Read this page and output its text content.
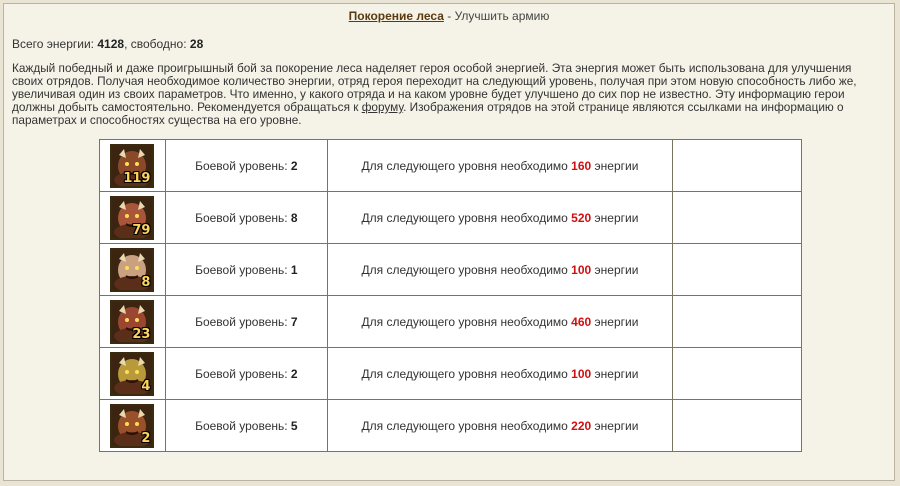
Покорение леса - Улучшить армию
Всего энергии: 4128, свободно: 28
Каждый победный и даже проигрышный бой за покорение леса наделяет героя особой энергией. Эта энергия может быть использована для улучшения своих отрядов. Получая необходимое количество энергии, отряд героя переходит на следующий уровень, получая при этом новую способность либо же, увеличивая один из своих параметров. Что именно, у какого отряда и на каком уровне будет улучшено до сих пор не известно. Эту информацию герои должны добыть самостоятельно. Рекомендуется обращаться к форуму. Изображения отрядов на этой странице являются ссылками на информацию о параметрах и способностях существа на его уровне.
119	Боевой уровень: 2	Для следующего уровня необходимо 160 энергии	

79	Боевой уровень: 8	Для следующего уровня необходимо 520 энергии	

8	Боевой уровень: 1	Для следующего уровня необходимо 100 энергии	

23	Боевой уровень: 7	Для следующего уровня необходимо 460 энергии	

4	Боевой уровень: 2	Для следующего уровня необходимо 100 энергии	

2	Боевой уровень: 5	Для следующего уровня необходимо 220 энергии	
